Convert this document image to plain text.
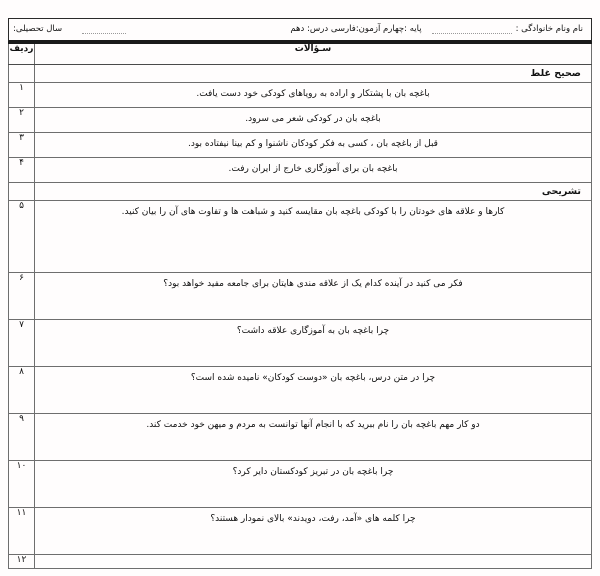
نام ونام خانوادگی :
پایه :چهارم آزمون:فارسی درس: دهم
سال تحصیلی:
سـؤالات	ردیف
صحیح غلط	
باغچه بان با پشتکار و اراده به رویاهای کودکی خود دست یافت.	۱
باغچه بان در کودکی شعر می سرود.	۲
قبل از باغچه بان ، کسی به فکر کودکان ناشنوا و کم بینا نیفتاده بود.	۳
باغچه بان برای آموزگاری خارج از ایران رفت.	۴
تشریحی	
کارها و علاقه های خودتان را با کودکی باغچه بان مقایسه کنید و شباهت ها و تفاوت های آن را بیان کنید.	۵
فکر می کنید در آینده کدام یک از علاقه مندی هایتان برای جامعه مفید خواهد بود؟	۶
چرا باغچه بان به آموزگاری علاقه داشت؟	۷
چرا در متن درس، باغچه بان «دوست کودکان» نامیده شده است؟	۸
دو کار مهم باغچه بان را نام ببرید که با انجام آنها توانست به مردم و میهن خود خدمت کند.	۹
چرا باغچه بان در تبریز کودکستان دایر کرد؟	۱۰
چرا کلمه های «آمد، رفت، دویدند» بالای نمودار هستند؟	۱۱
	۱۲
